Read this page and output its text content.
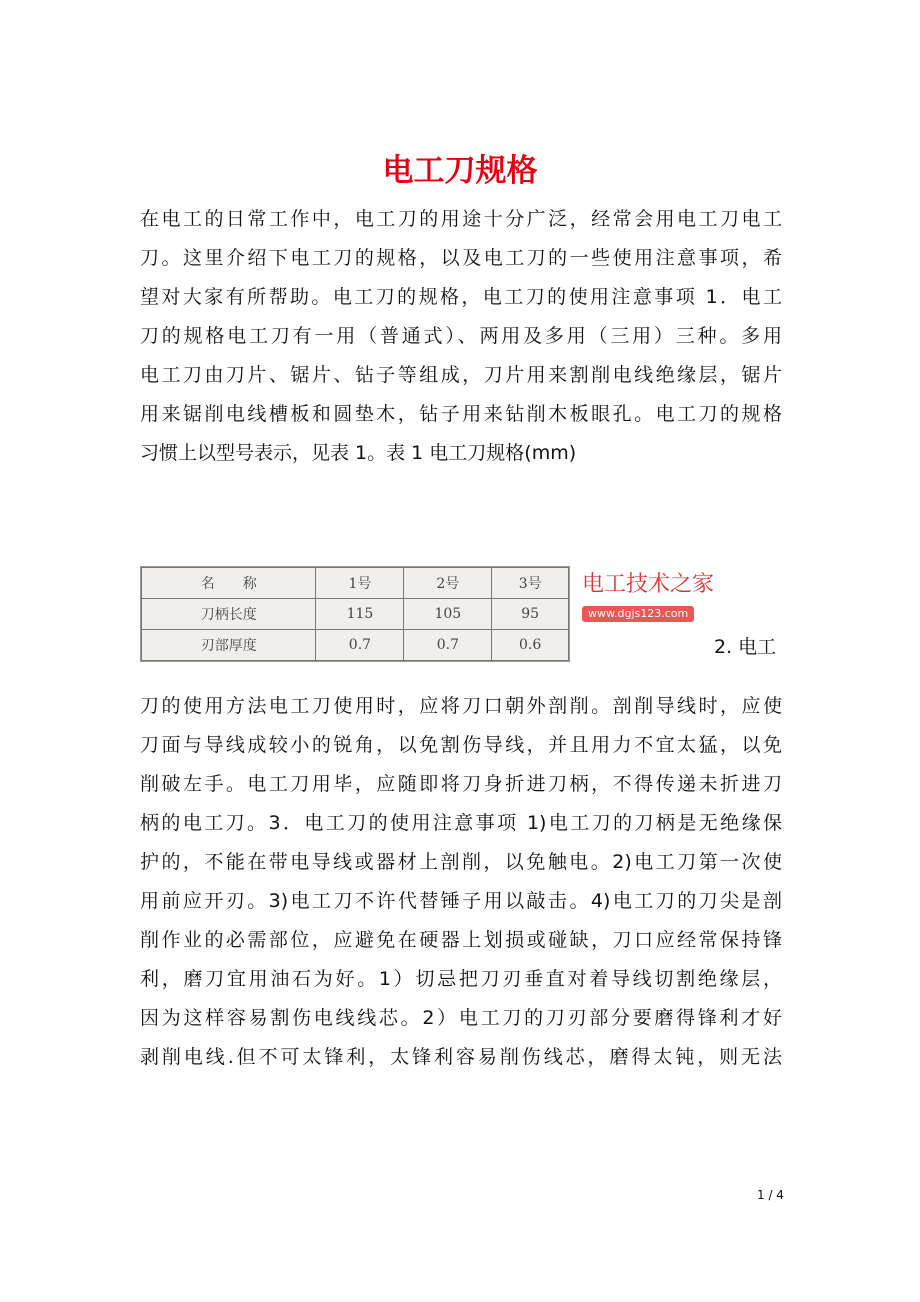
电工刀规格
在电工的日常工作中，电工刀的用途十分广泛，经常会用电工刀电工
刀。这里介绍下电工刀的规格，以及电工刀的一些使用注意事项，希
望对大家有所帮助。电工刀的规格，电工刀的使用注意事项 1．电工
刀的规格电工刀有一用（普通式）、两用及多用（三用）三种。多用
电工刀由刀片、锯片、钻子等组成，刀片用来割削电线绝缘层，锯片
用来锯削电线槽板和圆垫木，钻子用来钻削木板眼孔。电工刀的规格
习惯上以型号表示，见表 1。表 1 电工刀规格(mm)
名　　称	1号	2号	3号
刀柄长度	115	105	95
刃部厚度	0.7	0.7	0.6
电工技术之家
www.dgjs123.com
2. 电工
刀的使用方法电工刀使用时，应将刀口朝外剖削。剖削导线时，应使
刀面与导线成较小的锐角，以免割伤导线，并且用力不宜太猛，以免
削破左手。电工刀用毕，应随即将刀身折进刀柄，不得传递未折进刀
柄的电工刀。3．电工刀的使用注意事项 1)电工刀的刀柄是无绝缘保
护的，不能在带电导线或器材上剖削，以免触电。2)电工刀第一次使
用前应开刃。3)电工刀不许代替锤子用以敲击。4)电工刀的刀尖是剖
削作业的必需部位，应避免在硬器上划损或碰缺，刀口应经常保持锋
利，磨刀宜用油石为好。1）切忌把刀刃垂直对着导线切割绝缘层，
因为这样容易割伤电线线芯。2）电工刀的刀刃部分要磨得锋利才好
剥削电线.但不可太锋利，太锋利容易削伤线芯，磨得太钝，则无法
1 / 4
